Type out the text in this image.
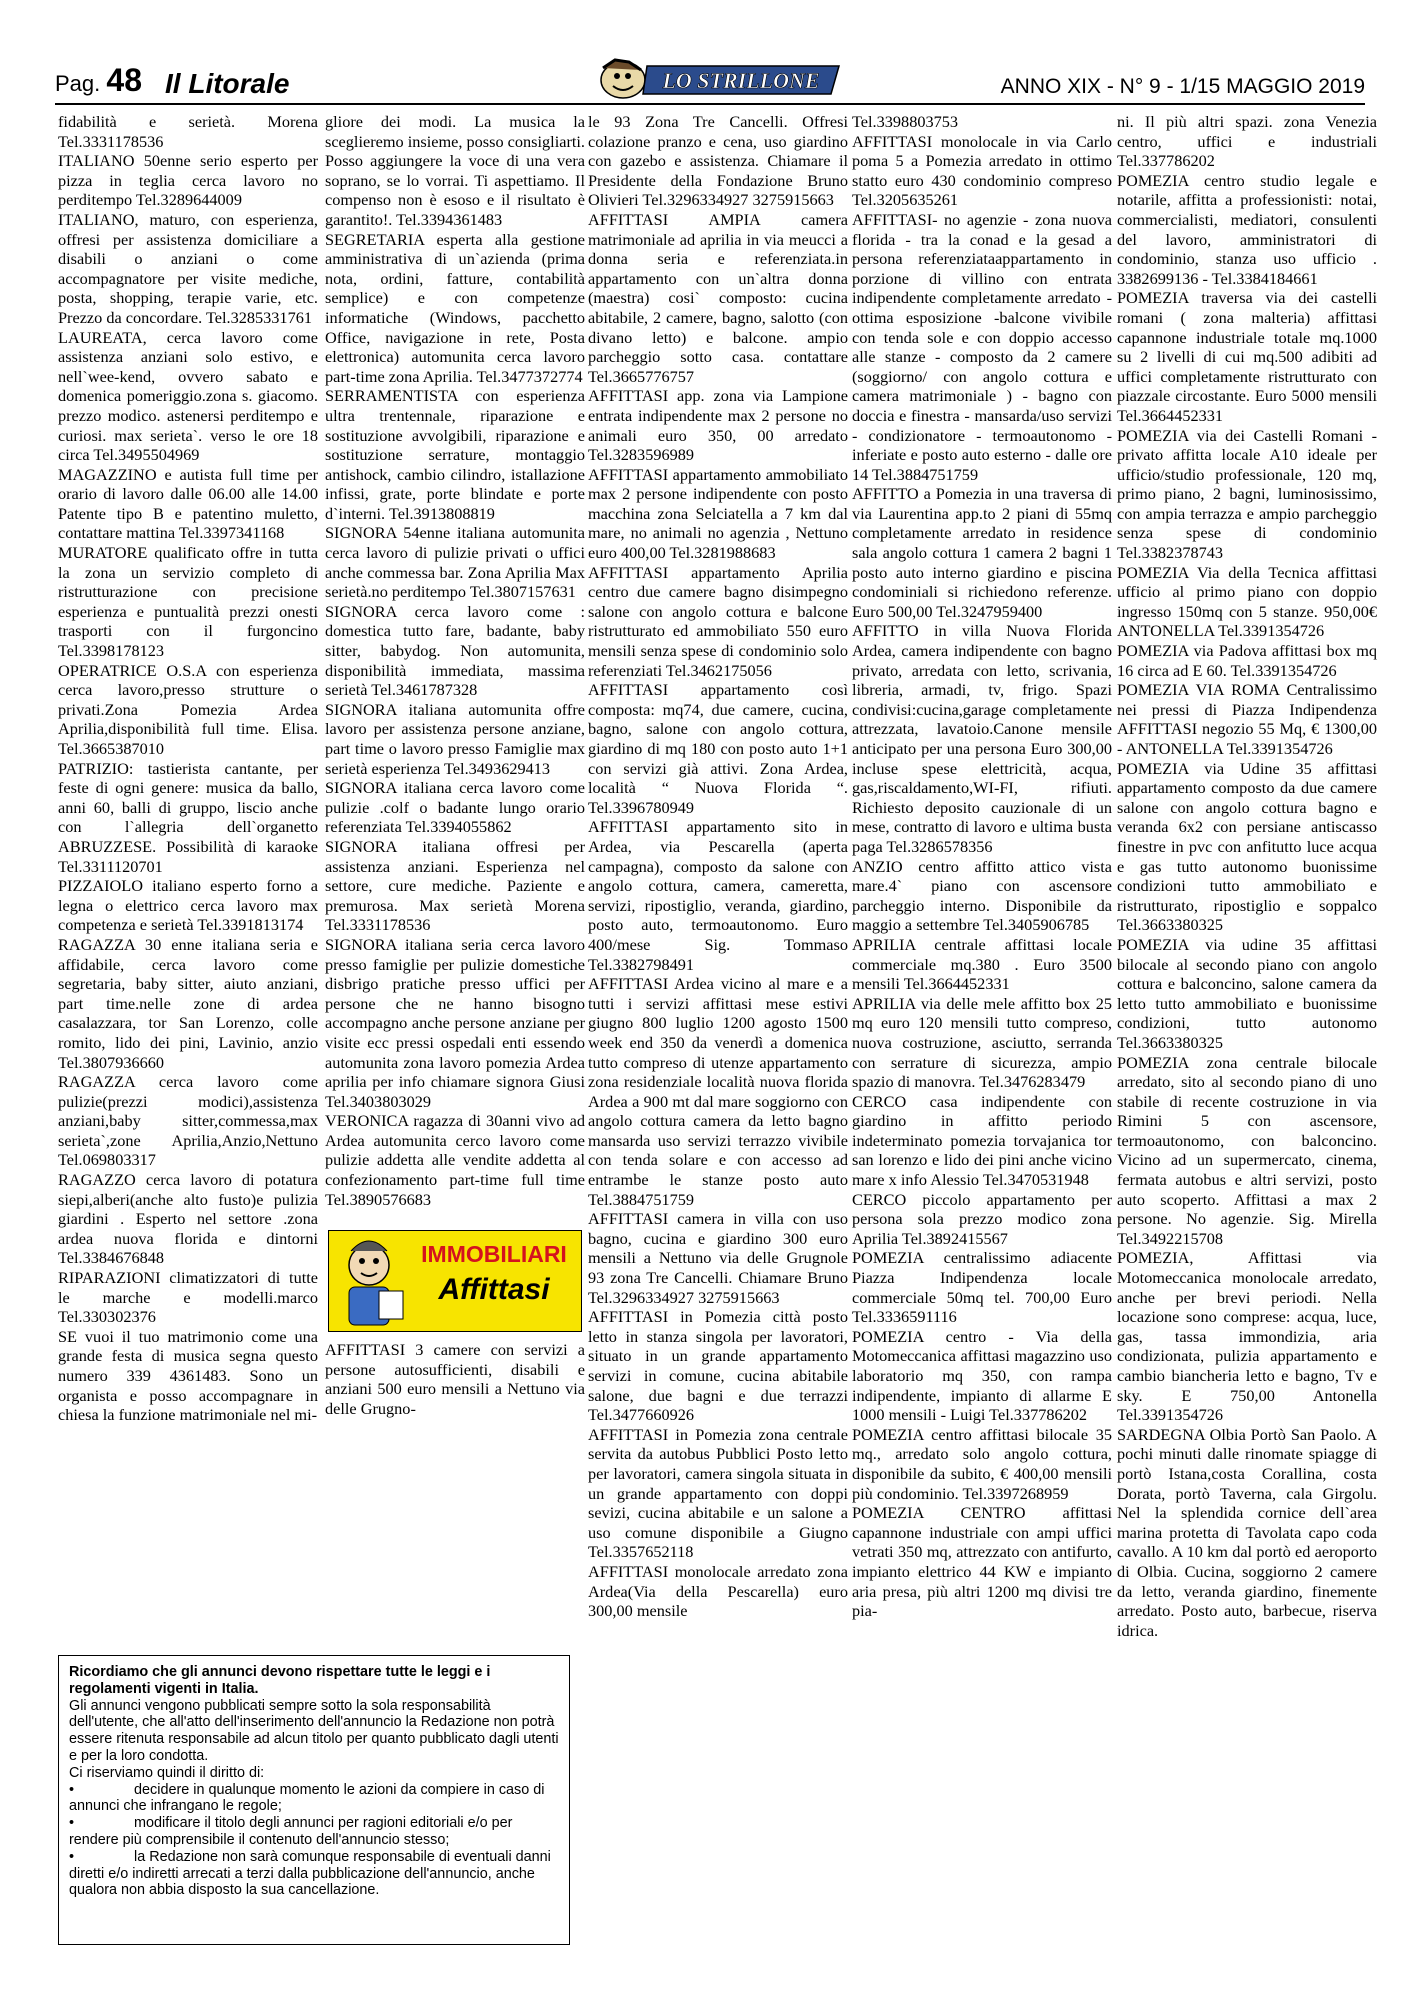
Pag. 48 Il Litorale	LO STRILLONE	ANNO XIX - N° 9 - 1/15 MAGGIO 2019

fidabilità e serietà. Morena Tel.3331178536

ITALIANO 50enne serio esperto per pizza in teglia cerca lavoro no perditempo Tel.3289644009

ITALIANO, maturo, con esperienza, offresi per assistenza domiciliare a disabili o anziani o come accompagnatore per visite mediche, posta, shopping, terapie varie, etc. Prezzo da concordare. Tel.3285331761

LAUREATA, cerca lavoro come assistenza anziani solo estivo, e nell`wee-kend, ovvero sabato e domenica pomeriggio.zona s. giacomo. prezzo modico. astenersi perditempo e curiosi. max serieta`. verso le ore 18 circa Tel.3495504969

MAGAZZINO e autista full time per orario di lavoro dalle 06.00 alle 14.00 Patente tipo B e patentino muletto, contattare mattina Tel.3397341168

MURATORE qualificato offre in tutta la zona un servizio completo di ristrutturazione con precisione esperienza e puntualità prezzi onesti trasporti con il furgoncino Tel.3398178123

OPERATRICE O.S.A con esperienza cerca lavoro,presso strutture o privati.Zona Pomezia Ardea Aprilia,disponibilità full time. Elisa. Tel.3665387010

PATRIZIO: tastierista cantante, per feste di ogni genere: musica da ballo, anni 60, balli di gruppo, liscio anche con l`allegria dell`organetto ABRUZZESE. Possibilità di karaoke Tel.3311120701

PIZZAIOLO italiano esperto forno a legna o elettrico cerca lavoro max competenza e serietà Tel.3391813174

RAGAZZA 30 enne italiana seria e affidabile, cerca lavoro come segretaria, baby sitter, aiuto anziani, part time.nelle zone di ardea casalazzara, tor San Lorenzo, colle romito, lido dei pini, Lavinio, anzio Tel.3807936660

RAGAZZA cerca lavoro come pulizie(prezzi modici),assistenza anziani,baby sitter,commessa,max serieta`,zone Aprilia,Anzio,Nettuno Tel.069803317

RAGAZZO cerca lavoro di potatura siepi,alberi(anche alto fusto)e pulizia giardini . Esperto nel settore .zona ardea nuova florida e dintorni Tel.3384676848

RIPARAZIONI climatizzatori di tutte le marche e modelli.marco Tel.330302376

SE vuoi il tuo matrimonio come una grande festa di musica segna questo numero 339 4361483. Sono un organista e posso accompagnare in chiesa la funzione matrimoniale nel mi-

gliore dei modi. La musica la sceglieremo insieme, posso consigliarti. Posso aggiungere la voce di una vera soprano, se lo vorrai. Ti aspettiamo. Il compenso non è esoso e il risultato è garantito!. Tel.3394361483

SEGRETARIA esperta alla gestione amministrativa di un`azienda (prima nota, ordini, fatture, contabilità semplice) e con competenze informatiche (Windows, pacchetto Office, navigazione in rete, Posta elettronica) automunita cerca lavoro part-time zona Aprilia. Tel.3477372774

SERRAMENTISTA con esperienza ultra trentennale, riparazione e sostituzione avvolgibili, riparazione e sostituzione serrature, montaggio antishock, cambio cilindro, istallazione infissi, grate, porte blindate e porte d`interni. Tel.3913808819

SIGNORA 54enne italiana automunita cerca lavoro di pulizie privati o uffici anche commessa bar. Zona Aprilia Max serietà.no perditempo Tel.3807157631

SIGNORA cerca lavoro come : domestica tutto fare, badante, baby sitter, babydog. Non automunita, disponibilità immediata, massima serietà Tel.3461787328

SIGNORA italiana automunita offre lavoro per assistenza persone anziane, part time o lavoro presso Famiglie max serietà esperienza Tel.3493629413

SIGNORA italiana cerca lavoro come pulizie .colf o badante lungo orario referenziata Tel.3394055862

SIGNORA italiana offresi per assistenza anziani. Esperienza nel settore, cure mediche. Paziente e premurosa. Max serietà Morena Tel.3331178536

SIGNORA italiana seria cerca lavoro presso famiglie per pulizie domestiche disbrigo pratiche presso uffici per persone che ne hanno bisogno accompagno anche persone anziane per visite ecc pressi ospedali enti essendo automunita zona lavoro pomezia Ardea aprilia per info chiamare signora Giusi Tel.3403803029

VERONICA ragazza di 30anni vivo ad Ardea automunita cerco lavoro come pulizie addetta alle vendite addetta al confezionamento part-time full time Tel.3890576683

IMMOBILIARI
Affittasi

AFFITTASI 3 camere con servizi a persone autosufficienti, disabili e anziani 500 euro mensili a Nettuno via delle Grugno-

le 93 Zona Tre Cancelli. Offresi colazione pranzo e cena, uso giardino con gazebo e assistenza. Chiamare il Presidente della Fondazione Bruno Olivieri Tel.3296334927 3275915663

AFFITTASI AMPIA camera matrimoniale ad aprilia in via meucci a donna seria e referenziata.in appartamento con un`altra donna (maestra) cosi` composto: cucina abitabile, 2 camere, bagno, salotto (con divano letto) e balcone. ampio parcheggio sotto casa. contattare Tel.3665776757

AFFITTASI app. zona via Lampione entrata indipendente max 2 persone no animali euro 350, 00 arredato Tel.3283596989

AFFITTASI appartamento ammobiliato max 2 persone indipendente con posto macchina zona Selciatella a 7 km dal mare, no animali no agenzia , Nettuno euro 400,00 Tel.3281988683

AFFITTASI appartamento Aprilia centro due camere bagno disimpegno salone con angolo cottura e balcone ristrutturato ed ammobiliato 550 euro mensili senza spese di condominio solo referenziati Tel.3462175056

AFFITTASI appartamento così composta: mq74, due camere, cucina, bagno, salone con angolo cottura, giardino di mq 180 con posto auto 1+1 con servizi già attivi. Zona Ardea, località “ Nuova Florida “. Tel.3396780949

AFFITTASI appartamento sito in Ardea, via Pescarella (aperta campagna), composto da salone con angolo cottura, camera, cameretta, servizi, ripostiglio, veranda, giardino, posto auto, termoautonomo. Euro 400/mese Sig. Tommaso Tel.3382798491

AFFITTASI Ardea vicino al mare e a tutti i servizi affittasi mese estivi giugno 800 luglio 1200 agosto 1500 week end 350 da venerdì a domenica tutto compreso di utenze appartamento zona residenziale località nuova florida Ardea a 900 mt dal mare soggiorno con angolo cottura camera da letto bagno mansarda uso servizi terrazzo vivibile con tenda solare e con accesso ad entrambe le stanze posto auto Tel.3884751759

AFFITTASI camera in villa con uso bagno, cucina e giardino 300 euro mensili a Nettuno via delle Grugnole 93 zona Tre Cancelli. Chiamare Bruno Tel.3296334927 3275915663

AFFITTASI in Pomezia città posto letto in stanza singola per lavoratori, situato in un grande appartamento servizi in comune, cucina abitabile salone, due bagni e due terrazzi Tel.3477660926

AFFITTASI in Pomezia zona centrale servita da autobus Pubblici Posto letto per lavoratori, camera singola situata in un grande appartamento con doppi sevizi, cucina abitabile e un salone a uso comune disponibile a Giugno Tel.3357652118

AFFITTASI monolocale arredato zona Ardea(Via della Pescarella) euro 300,00 mensile

Tel.3398803753

AFFITTASI monolocale in via Carlo poma 5 a Pomezia arredato in ottimo statto euro 430 condominio compreso Tel.3205635261

AFFITTASI- no agenzie - zona nuova florida - tra la conad e la gesad a persona referenziataappartamento in porzione di villino con entrata indipendente completamente arredato - ottima esposizione -balcone vivibile con tenda sole e con doppio accesso alle stanze - composto da 2 camere (soggiorno/ con angolo cottura e camera matrimoniale ) - bagno con doccia e finestra - mansarda/uso servizi - condizionatore - termoautonomo - inferiate e posto auto esterno - dalle ore 14 Tel.3884751759

AFFITTO a Pomezia in una traversa di via Laurentina app.to 2 piani di 55mq completamente arredato in residence sala angolo cottura 1 camera 2 bagni 1 posto auto interno giardino e piscina condominiali si richiedono referenze. Euro 500,00 Tel.3247959400

AFFITTO in villa Nuova Florida Ardea, camera indipendente con bagno privato, arredata con letto, scrivania, libreria, armadi, tv, frigo. Spazi condivisi:cucina,garage completamente attrezzata, lavatoio.Canone mensile anticipato per una persona Euro 300,00 incluse spese elettricità, acqua, gas,riscaldamento,WI-FI, rifiuti. Richiesto deposito cauzionale di un mese, contratto di lavoro e ultima busta paga Tel.3286578356

ANZIO centro affitto attico vista mare.4` piano con ascensore parcheggio interno. Disponibile da maggio a settembre Tel.3405906785

APRILIA centrale affittasi locale commerciale mq.380 . Euro 3500 mensili Tel.3664452331

APRILIA via delle mele affitto box 25 mq euro 120 mensili tutto compreso, nuova costruzione, asciutto, serranda con serrature di sicurezza, ampio spazio di manovra. Tel.3476283479

CERCO casa indipendente con giardino in affitto periodo indeterminato pomezia torvajanica tor san lorenzo e lido dei pini anche vicino mare x info Alessio Tel.3470531948

CERCO piccolo appartamento per persona sola prezzo modico zona Aprilia Tel.3892415567

POMEZIA centralissimo adiacente Piazza Indipendenza locale commerciale 50mq tel. 700,00 Euro Tel.3336591116

POMEZIA centro - Via della Motomeccanica affittasi magazzino uso laboratorio mq 350, con rampa indipendente, impianto di allarme E 1000 mensili - Luigi Tel.337786202

POMEZIA centro affittasi bilocale 35 mq., arredato solo angolo cottura, disponibile da subito, € 400,00 mensili più condominio. Tel.3397268959

POMEZIA CENTRO affittasi capannone industriale con ampi uffici vetrati 350 mq, attrezzato con antifurto, impianto elettrico 44 KW e impianto aria presa, più altri 1200 mq divisi tre pia-

ni. Il più altri spazi. zona Venezia centro, uffici e industriali Tel.337786202

POMEZIA centro studio legale e notarile, affitta a professionisti: notai, commercialisti, mediatori, consulenti del lavoro, amministratori di condominio, stanza uso ufficio . 3382699136 - Tel.3384184661

POMEZIA traversa via dei castelli romani ( zona malteria) affittasi capannone industriale totale mq.1000 su 2 livelli di cui mq.500 adibiti ad uffici completamente ristrutturato con piazzale circostante. Euro 5000 mensili Tel.3664452331

POMEZIA via dei Castelli Romani - privato affitta locale A10 ideale per ufficio/studio professionale, 120 mq, primo piano, 2 bagni, luminosissimo, con ampia terrazza e ampio parcheggio senza spese di condominio Tel.3382378743

POMEZIA Via della Tecnica affittasi ufficio al primo piano con doppio ingresso 150mq con 5 stanze. 950,00€ ANTONELLA Tel.3391354726

POMEZIA via Padova affittasi box mq 16 circa ad E 60. Tel.3391354726

POMEZIA VIA ROMA Centralissimo nei pressi di Piazza Indipendenza AFFITTASI negozio 55 Mq, € 1300,00 - ANTONELLA Tel.3391354726

POMEZIA via Udine 35 affittasi appartamento composto da due camere salone con angolo cottura bagno e veranda 6x2 con persiane antiscasso finestre in pvc con anfitutto luce acqua e gas tutto autonomo buonissime condizioni tutto ammobiliato e ristrutturato, ripostiglio e soppalco Tel.3663380325

POMEZIA via udine 35 affittasi bilocale al secondo piano con angolo cottura e balconcino, salone camera da letto tutto ammobiliato e buonissime condizioni, tutto autonomo Tel.3663380325

POMEZIA zona centrale bilocale arredato, sito al secondo piano di uno stabile di recente costruzione in via Rimini 5 con ascensore, termoautonomo, con balconcino. Vicino ad un supermercato, cinema, fermata autobus e altri servizi, posto auto scoperto. Affittasi a max 2 persone. No agenzie. Sig. Mirella Tel.3492215708

POMEZIA, Affittasi via Motomeccanica monolocale arredato, anche per brevi periodi. Nella locazione sono comprese: acqua, luce, gas, tassa immondizia, aria condizionata, pulizia appartamento e cambio biancheria letto e bagno, Tv e sky. E 750,00 Antonella Tel.3391354726

SARDEGNA Olbia Portò San Paolo. A pochi minuti dalle rinomate spiagge di portò Istana,costa Corallina, costa Dorata, portò Taverna, cala Girgolu. Nel la splendida cornice dell`area marina protetta di Tavolata capo coda cavallo. A 10 km dal portò ed aeroporto di Olbia. Cucina, soggiorno 2 camere da letto, veranda giardino, finemente arredato. Posto auto, barbecue, riserva idrica.

Ricordiamo che gli annunci devono rispettare tutte le leggi e i regolamenti vigenti in Italia.

Gli annunci vengono pubblicati sempre sotto la sola responsabilità dell'utente, che all'atto dell'inserimento dell'annuncio la Redazione non potrà essere ritenuta responsabile ad alcun titolo per quanto pubblicato dagli utenti e per la loro condotta.

Ci riserviamo quindi il diritto di:

• decidere in qualunque momento le azioni da compiere in caso di annunci che infrangano le regole;
• modificare il titolo degli annunci per ragioni editoriali e/o per rendere più comprensibile il contenuto dell'annuncio stesso;
• la Redazione non sarà comunque responsabile di eventuali danni diretti e/o indiretti arrecati a terzi dalla pubblicazione dell'annuncio, anche qualora non abbia disposto la sua cancellazione.
